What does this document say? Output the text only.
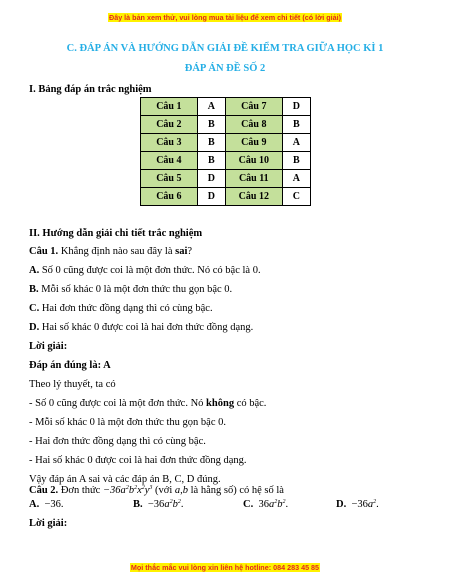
Đây là bản xem thử, vui lòng mua tài liệu để xem chi tiết (có lời giải)
C. ĐÁP ÁN VÀ HƯỚNG DẪN GIẢI ĐỀ KIỂM TRA GIỮA HỌC KÌ 1
ĐÁP ÁN ĐỀ SỐ 2
I. Bảng đáp án trắc nghiệm
Câu 1	A	Câu 7	D
Câu 2	B	Câu 8	B
Câu 3	B	Câu 9	A
Câu 4	B	Câu 10	B
Câu 5	D	Câu 11	A
Câu 6	D	Câu 12	C
II. Hướng dẫn giải chi tiết trắc nghiệm
Câu 1. Khẳng định nào sau đây là sai?
A. Số 0 cũng được coi là một đơn thức. Nó có bậc là 0.
B. Mỗi số khác 0 là một đơn thức thu gọn bậc 0.
C. Hai đơn thức đồng dạng thì có cùng bậc.
D. Hai số khác 0 được coi là hai đơn thức đồng dạng.
Lời giải:
Đáp án đúng là: A
Theo lý thuyết, ta có
- Số 0 cũng được coi là một đơn thức. Nó không có bậc.
- Mỗi số khác 0 là một đơn thức thu gọn bậc 0.
- Hai đơn thức đồng dạng thì có cùng bậc.
- Hai số khác 0 được coi là hai đơn thức đồng dạng.
Vậy đáp án A sai và các đáp án B, C, D đúng.
Câu 2. Đơn thức $-36a^2b^2x^2y^3$ (với a,b là hằng số) có hệ số là
A. −36.	B. $-36a^2b^2$.	C. $36a^2b^2$.	D. $-36a^2$.
Lời giải:
Mọi thắc mắc vui lòng xin liên hệ hotline: 084 283 45 85
